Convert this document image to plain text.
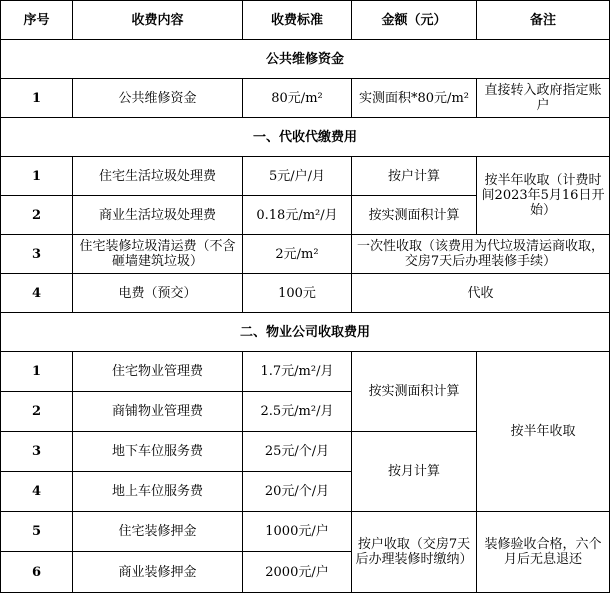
序号	收费内容	收费标准	金额（元）	备注
公共维修资金				
1	公共维修资金	80元/m²	实测面积*80元/m²	直接转入政府指定账户
一、代收代缴费用				
1	住宅生活垃圾处理费	5元/户/月	按户计算	按半年收取（计费时间2023年5月16日开始）
2	商业生活垃圾处理费	0.18元/m²/月	按实测面积计算	
3	住宅装修垃圾清运费（不含砸墙建筑垃圾）	2元/m²	一次性收取（该费用为代垃圾清运商收取，交房7天后办理装修手续）	
4	电费（预交）	100元	代收	
二、物业公司收取费用				
1	住宅物业管理费	1.7元/m²/月	按实测面积计算	按半年收取
2	商铺物业管理费	2.5元/m²/月		
3	地下车位服务费	25元/个/月	按月计算	
4	地上车位服务费	20元/个/月		
5	住宅装修押金	1000元/户	按户收取（交房7天后办理装修时缴纳）	装修验收合格，六个月后无息退还
6	商业装修押金	2000元/户		
